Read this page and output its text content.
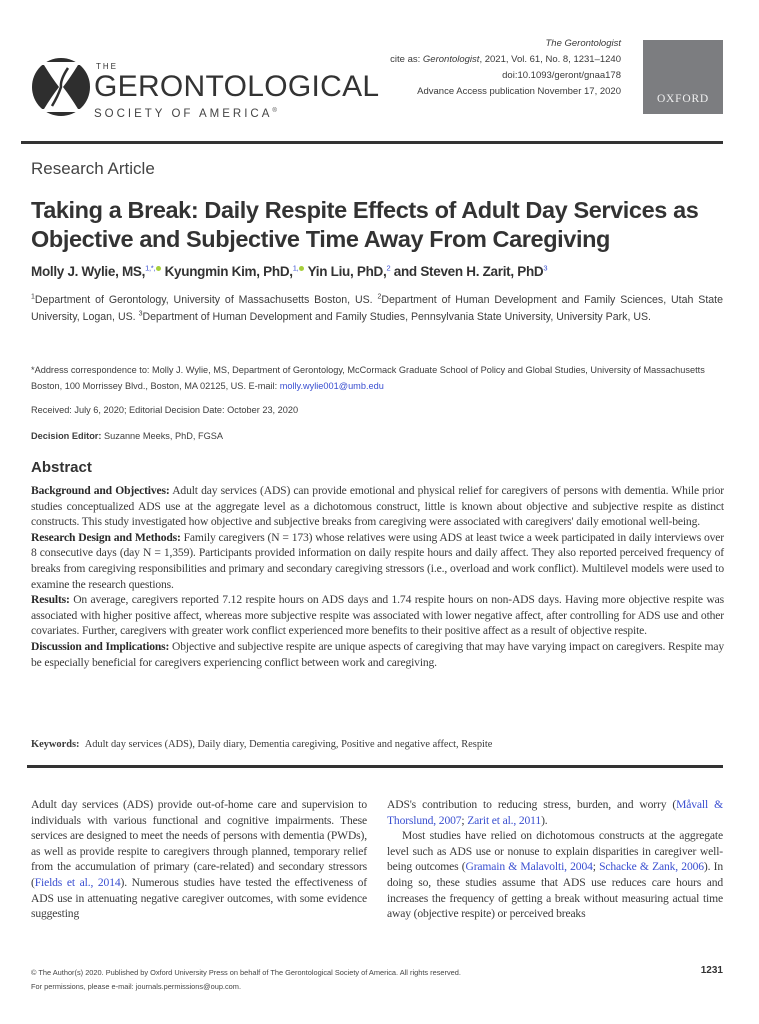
THE
GERONTOLOGICAL
SOCIETY OF AMERICA®
The Gerontologist
cite as: Gerontologist, 2021, Vol. 61, No. 8, 1231–1240
doi:10.1093/geront/gnaa178
Advance Access publication November 17, 2020
OXFORD
Research Article
Taking a Break: Daily Respite Effects of Adult Day Services as Objective and Subjective Time Away From Caregiving
Molly J. Wylie, MS,$^{1,*,}$ Kyungmin Kim, PhD,$^{1,}$ Yin Liu, PhD,$^2$ and Steven H. Zarit, PhD$^3$
$^1$Department of Gerontology, University of Massachusetts Boston, US. $^2$Department of Human Development and Family Sciences, Utah State University, Logan, US. $^3$Department of Human Development and Family Studies, Pennsylvania State University, University Park, US.
*Address correspondence to: Molly J. Wylie, MS, Department of Gerontology, McCormack Graduate School of Policy and Global Studies, University of Massachusetts Boston, 100 Morrissey Blvd., Boston, MA 02125, US. E-mail: molly.wylie001@umb.edu
Received: July 6, 2020; Editorial Decision Date: October 23, 2020
Decision Editor: Suzanne Meeks, PhD, FGSA
Abstract

Background and Objectives: Adult day services (ADS) can provide emotional and physical relief for caregivers of persons with dementia. While prior studies conceptualized ADS use at the aggregate level as a dichotomous construct, little is known about objective and subjective respite as distinct constructs. This study investigated how objective and subjective breaks from caregiving were associated with caregivers' daily emotional well-being.

Research Design and Methods: Family caregivers (N = 173) whose relatives were using ADS at least twice a week participated in daily interviews over 8 consecutive days (day N = 1,359). Participants provided information on daily respite hours and daily affect. They also reported perceived frequency of breaks from caregiving responsibilities and primary and secondary caregiving stressors (i.e., overload and work conflict). Multilevel models were used to examine the research questions.

Results: On average, caregivers reported 7.12 respite hours on ADS days and 1.74 respite hours on non-ADS days. Having more objective respite was associated with higher positive affect, whereas more subjective respite was associated with lower negative affect, after controlling for ADS use and other covariates. Further, caregivers with greater work conflict experienced more benefits to their positive affect as a result of objective respite.

Discussion and Implications: Objective and subjective respite are unique aspects of caregiving that may have varying impact on caregivers. Respite may be especially beneficial for caregivers experiencing conflict between work and caregiving.

Keywords: Adult day services (ADS), Daily diary, Dementia caregiving, Positive and negative affect, Respite

Adult day services (ADS) provide out-of-home care and supervision to individuals with various functional and cognitive impairments. These services are designed to meet the needs of persons with dementia (PWDs), as well as provide respite to caregivers through planned, temporary relief from the accumulation of primary (care-related) and secondary stressors (Fields et al., 2014). Numerous studies have tested the effectiveness of ADS use in attenuating negative caregiver outcomes, with some evidence suggesting

ADS's contribution to reducing stress, burden, and worry (Måvall & Thorslund, 2007; Zarit et al., 2011).

Most studies have relied on dichotomous constructs at the aggregate level such as ADS use or nonuse to explain disparities in caregiver well-being outcomes (Gramain & Malavolti, 2004; Schacke & Zank, 2006). In doing so, these studies assume that ADS use reduces care hours and increases the frequency of getting a break without measuring actual time away (objective respite) or perceived breaks

© The Author(s) 2020. Published by Oxford University Press on behalf of The Gerontological Society of America. All rights reserved.
For permissions, please e-mail: journals.permissions@oup.com.
1231
